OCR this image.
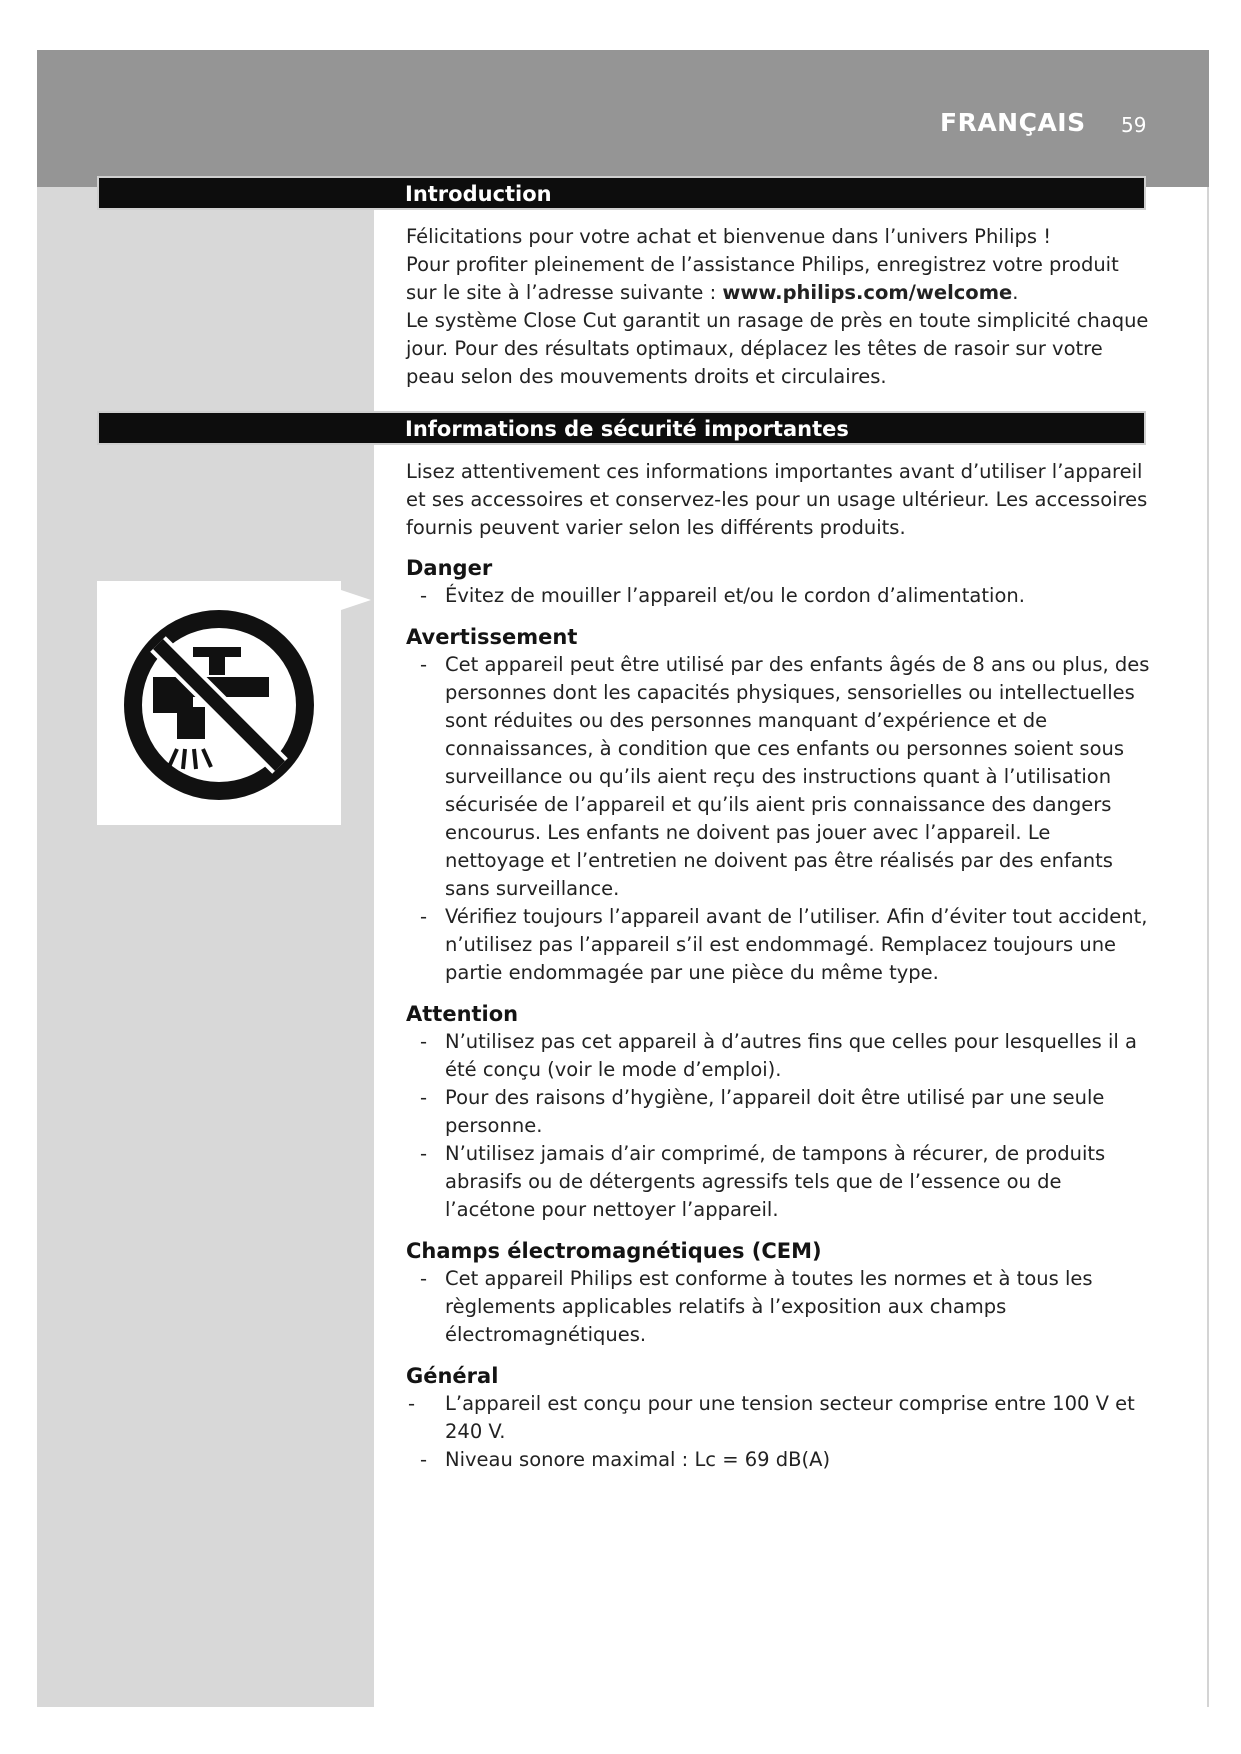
FRANÇAIS 59
Introduction

Félicitations pour votre achat et bienvenue dans l’univers Philips !

Pour profiter pleinement de l’assistance Philips, enregistrez votre produit sur le site à l’adresse suivante : www.philips.com/welcome.

Le système Close Cut garantit un rasage de près en toute simplicité chaque jour. Pour des résultats optimaux, déplacez les têtes de rasoir sur votre peau selon des mouvements droits et circulaires.

Informations de sécurité importantes

Lisez attentivement ces informations importantes avant d’utiliser l’appareil et ses accessoires et conservez-les pour un usage ultérieur. Les accessoires fournis peuvent varier selon les différents produits.

Danger
- Évitez de mouiller l’appareil et/ou le cordon d’alimentation.
Avertissement
- Cet appareil peut être utilisé par des enfants âgés de 8 ans ou plus, des personnes dont les capacités physiques, sensorielles ou intellectuelles sont réduites ou des personnes manquant d’expérience et de connaissances, à condition que ces enfants ou personnes soient sous surveillance ou qu’ils aient reçu des instructions quant à l’utilisation sécurisée de l’appareil et qu’ils aient pris connaissance des dangers encourus. Les enfants ne doivent pas jouer avec l’appareil. Le nettoyage et l’entretien ne doivent pas être réalisés par des enfants sans surveillance.
- Vérifiez toujours l’appareil avant de l’utiliser. Afin d’éviter tout accident, n’utilisez pas l’appareil s’il est endommagé. Remplacez toujours une partie endommagée par une pièce du même type.
Attention
- N’utilisez pas cet appareil à d’autres fins que celles pour lesquelles il a été conçu (voir le mode d’emploi).
- Pour des raisons d’hygiène, l’appareil doit être utilisé par une seule personne.
- N’utilisez jamais d’air comprimé, de tampons à récurer, de produits abrasifs ou de détergents agressifs tels que de l’essence ou de l’acétone pour nettoyer l’appareil.
Champs électromagnétiques (CEM)
- Cet appareil Philips est conforme à toutes les normes et à tous les règlements applicables relatifs à l’exposition aux champs électromagnétiques.
Général
- L’appareil est conçu pour une tension secteur comprise entre 100 V et 240 V.
- Niveau sonore maximal : Lc = 69 dB(A)
